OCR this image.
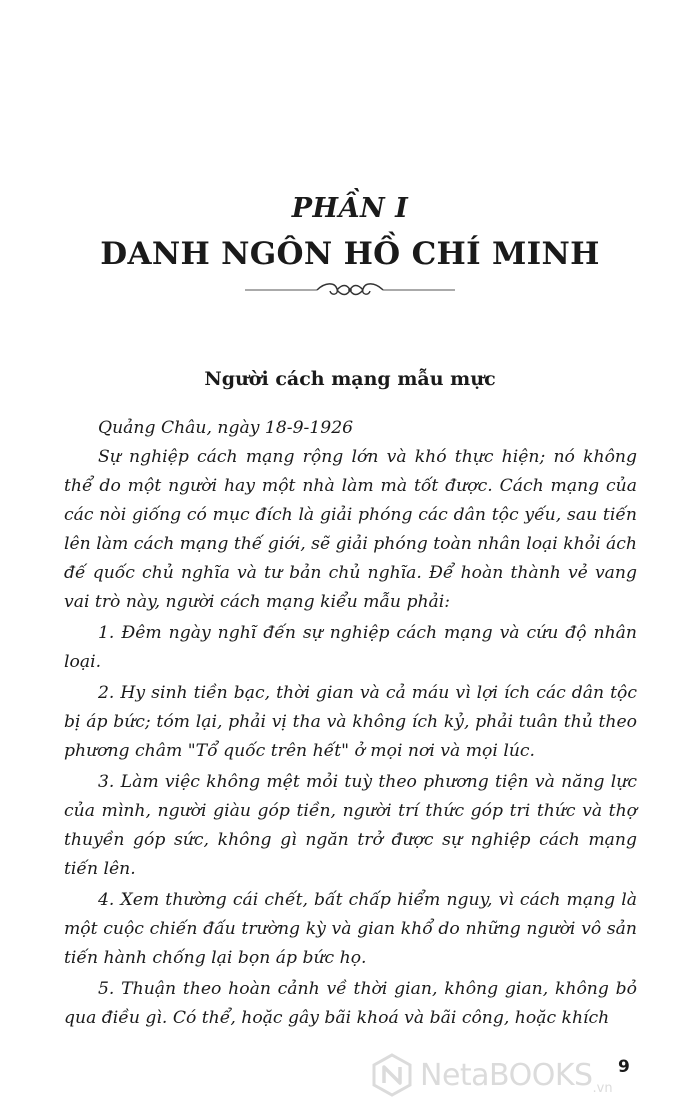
PHẦN I
DANH NGÔN HỒ CHÍ MINH
Người cách mạng mẫu mực

Quảng Châu, ngày 18-9-1926

Sự nghiệp cách mạng rộng lớn và khó thực hiện; nó không thể do một người hay một nhà làm mà tốt được. Cách mạng của các nòi giống có mục đích là giải phóng các dân tộc yếu, sau tiến lên làm cách mạng thế giới, sẽ giải phóng toàn nhân loại khỏi ách đế quốc chủ nghĩa và tư bản chủ nghĩa. Để hoàn thành vẻ vang vai trò này, người cách mạng kiểu mẫu phải:

1. Đêm ngày nghĩ đến sự nghiệp cách mạng và cứu độ nhân loại.

2. Hy sinh tiền bạc, thời gian và cả máu vì lợi ích các dân tộc bị áp bức; tóm lại, phải vị tha và không ích kỷ, phải tuân thủ theo phương châm "Tổ quốc trên hết" ở mọi nơi và mọi lúc.

3. Làm việc không mệt mỏi tuỳ theo phương tiện và năng lực của mình, người giàu góp tiền, người trí thức góp tri thức và thợ thuyền góp sức, không gì ngăn trở được sự nghiệp cách mạng tiến lên.

4. Xem thường cái chết, bất chấp hiểm nguy, vì cách mạng là một cuộc chiến đấu trường kỳ và gian khổ do những người vô sản tiến hành chống lại bọn áp bức họ.

5. Thuận theo hoàn cảnh về thời gian, không gian, không bỏ qua điều gì. Có thể, hoặc gây bãi khoá và bãi công, hoặc khích

NetaBOOKS .vn
9
